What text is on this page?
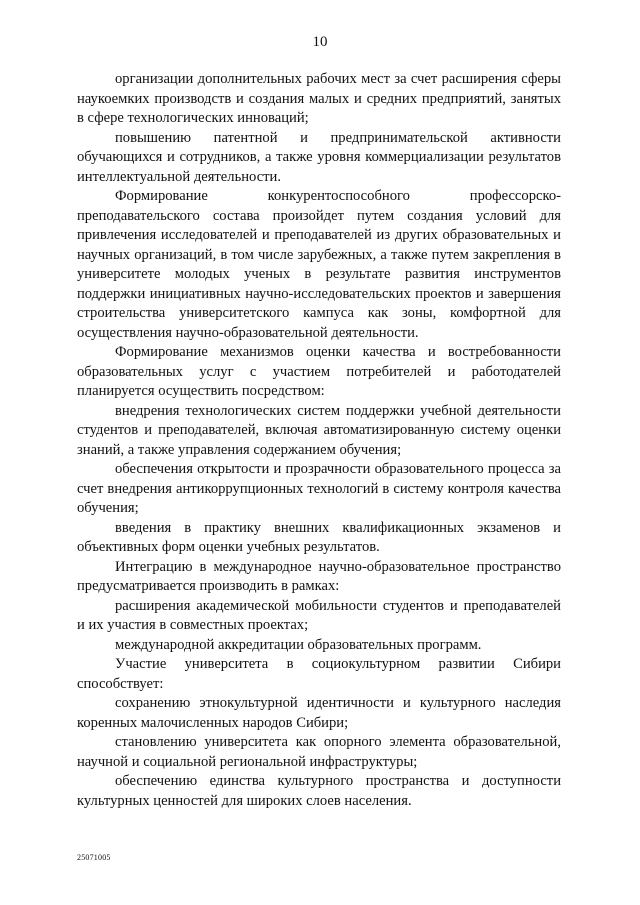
10

организации дополнительных рабочих мест за счет расширения сферы наукоемких производств и создания малых и средних предприятий, занятых в сфере технологических инноваций;

повышению патентной и предпринимательской активности обучающихся и сотрудников, а также уровня коммерциализации результатов интеллектуальной деятельности.

Формирование конкурентоспособного профессорско-преподавательского состава произойдет путем создания условий для привлечения исследователей и преподавателей из других образовательных и научных организаций, в том числе зарубежных, а также путем закрепления в университете молодых ученых в результате развития инструментов поддержки инициативных научно-исследовательских проектов и завершения строительства университетского кампуса как зоны, комфортной для осуществления научно-образовательной деятельности.

Формирование механизмов оценки качества и востребованности образовательных услуг с участием потребителей и работодателей планируется осуществить посредством:

внедрения технологических систем поддержки учебной деятельности студентов и преподавателей, включая автоматизированную систему оценки знаний, а также управления содержанием обучения;

обеспечения открытости и прозрачности образовательного процесса за счет внедрения антикоррупционных технологий в систему контроля качества обучения;

введения в практику внешних квалификационных экзаменов и объективных форм оценки учебных результатов.

Интеграцию в международное научно-образовательное пространство предусматривается производить в рамках:

расширения академической мобильности студентов и преподавателей и их участия в совместных проектах;

международной аккредитации образовательных программ.

Участие университета в социокультурном развитии Сибири способствует:

сохранению этнокультурной идентичности и культурного наследия коренных малочисленных народов Сибири;

становлению университета как опорного элемента образовательной, научной и социальной региональной инфраструктуры;

обеспечению единства культурного пространства и доступности культурных ценностей для широких слоев населения.

25071005
